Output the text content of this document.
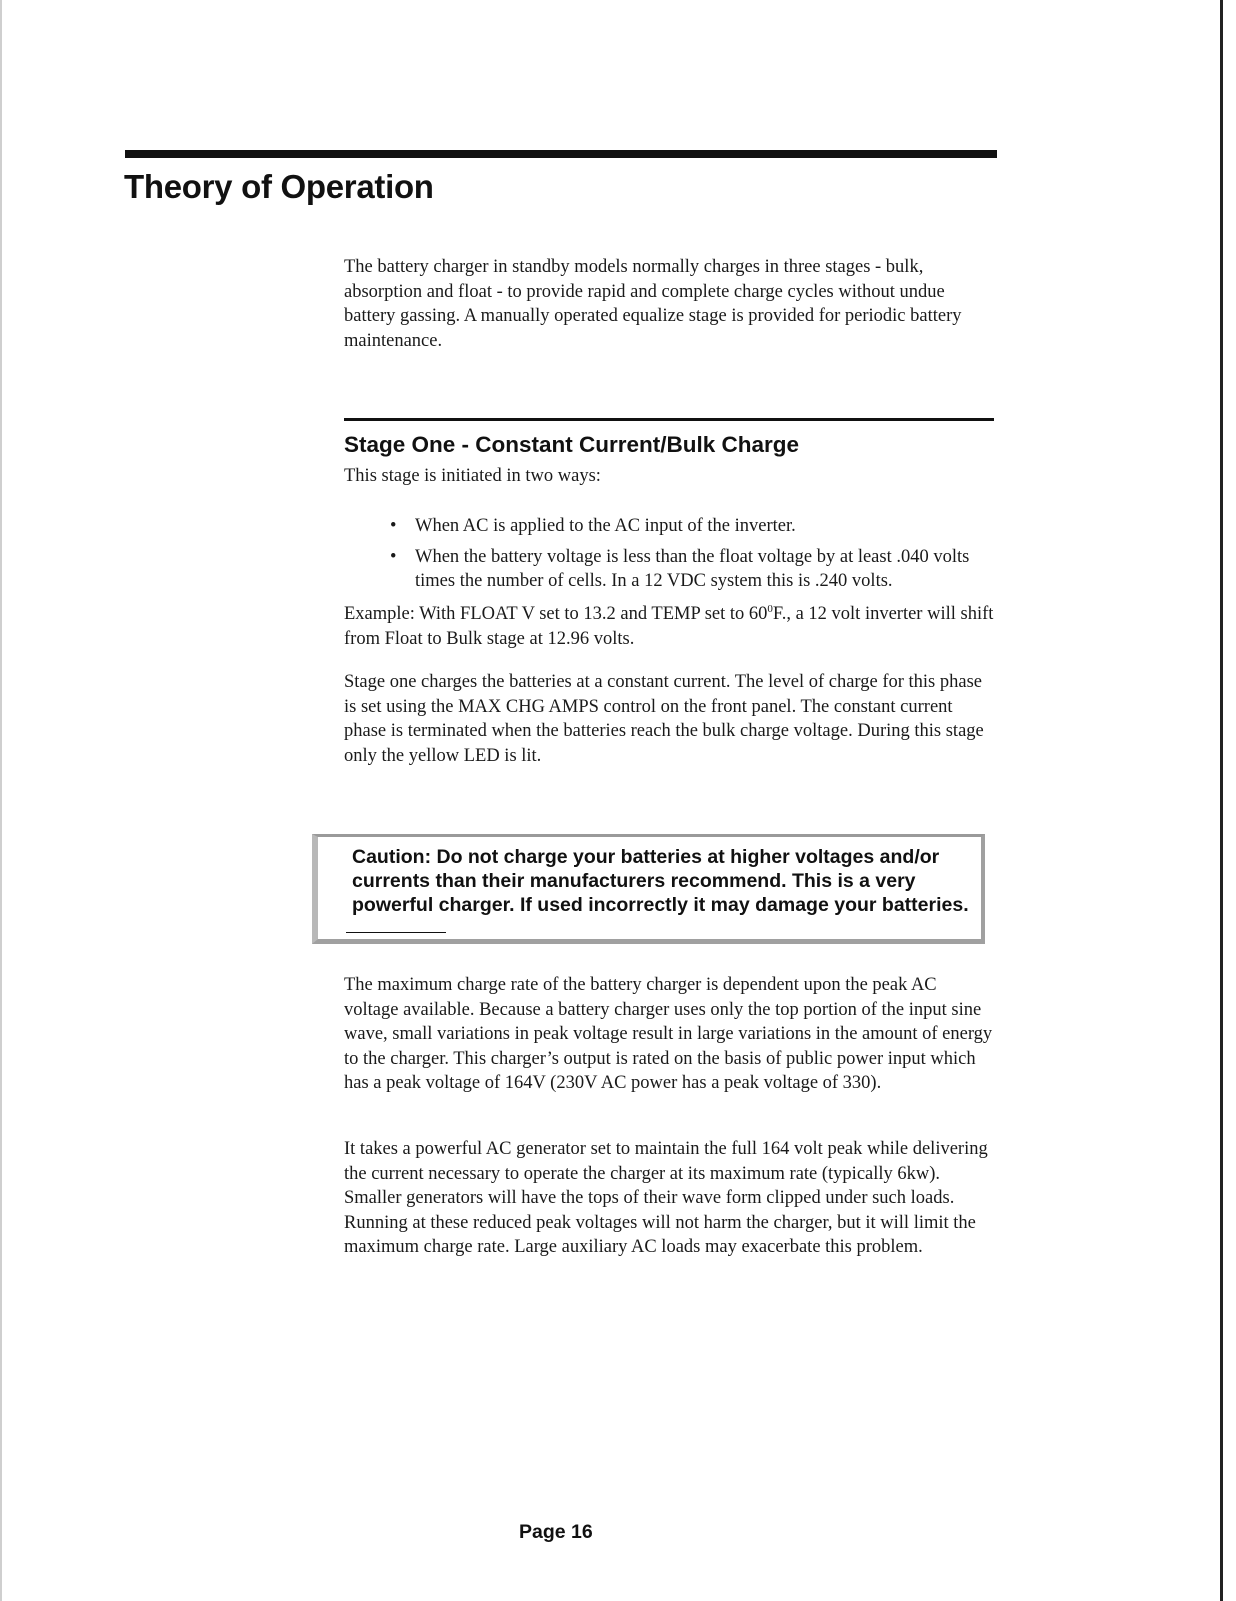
Theory of Operation

The battery charger in standby models normally charges in three stages - bulk, absorption and float - to provide rapid and complete charge cycles without undue battery gassing. A manually operated equalize stage is provided for periodic battery maintenance.

Stage One - Constant Current/Bulk Charge

This stage is initiated in two ways:

• When AC is applied to the AC input of the inverter.
• When the battery voltage is less than the float voltage by at least .040 volts times the number of cells. In a 12 VDC system this is .240 volts.

Example: With FLOAT V set to 13.2 and TEMP set to $60^0F$., a 12 volt inverter will shift from Float to Bulk stage at 12.96 volts.

Stage one charges the batteries at a constant current. The level of charge for this phase is set using the MAX CHG AMPS control on the front panel. The constant current phase is terminated when the batteries reach the bulk charge voltage. During this stage only the yellow LED is lit.

Caution: Do not charge your batteries at higher voltages and/or currents than their manufacturers recommend. This is a very powerful charger. If used incorrectly it may damage your batteries.

The maximum charge rate of the battery charger is dependent upon the peak AC voltage available. Because a battery charger uses only the top portion of the input sine wave, small variations in peak voltage result in large variations in the amount of energy to the charger. This charger’s output is rated on the basis of public power input which has a peak voltage of 164V (230V AC power has a peak voltage of 330).

It takes a powerful AC generator set to maintain the full 164 volt peak while delivering the current necessary to operate the charger at its maximum rate (typically 6kw). Smaller generators will have the tops of their wave form clipped under such loads. Running at these reduced peak voltages will not harm the charger, but it will limit the maximum charge rate. Large auxiliary AC loads may exacerbate this problem.

Page 16
